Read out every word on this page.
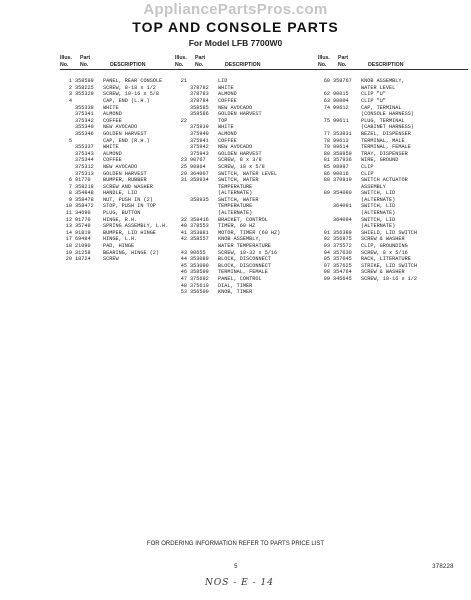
AppliancePartsPros.com
TOP AND CONSOLE PARTS
For Model LFB 7700W0
Illus.
No.
Part
No.	DESCRIPTION
1 358599	PANEL, REAR CONSOLE
2 358225	SCREW, 8-18 x 1/2
3 355329	SCREW, 10-16 x 5/8
4	CAP, END (L.H.)
355338	WHITE
375341	ALMOND
375342	COFFEE
355340	NEW AVOCADO
355346	GOLDEN HARVEST
5	CAP, END (R.H.)
355337	WHITE
375343	ALMOND
375344	COFFEE
375312	NEW AVOCADO
375313	GOLDEN HARVEST
6 91770	BUMPER, RUBBER
7 358218	SCREW AND WASHER
8 354848	HANDLE, LID
9 358478	NUT, PUSH IN (2)
10 358472	STOP, PUSH IN TOP
11 34690	PLUG, BUTTON
12 91770	HINGE, R.H.
13 35749	SPRING ASSEMBLY, L.H.
14 91819	BUMPER, LID HINGE
17 69484	HINGE, L.H.
18 21090	PAD, HINGE
19 31258	BEARING, HINGE (2)
20 18724	SCREW
Illus.
No.
Part
No.	DESCRIPTION
21	LID
378782	WHITE
378783	ALMOND
378784	COFFEE
358585	NEW AVOCADO
358586	GOLDEN HARVEST
22	TOP
375939	WHITE
375940	ALMOND
375941	COFFEE
375942	NEW AVOCADO
375943	GOLDEN HARVEST
23 90767	SCREW, 8 x 3/8
25 90864	SCREW, 10 x 5/8
29 364007	SWITCH, WATER LEVEL
31 358934	SWITCH, WATER
TEMPERATURE
(ALTERNATE)
358935	SWITCH, WATER
TEMPERATURE
(ALTERNATE)
32 358416	BRACKET, CONTROL
40 378553	TIMER, 60 HZ
41 353881	MOTOR, TIMER (60 HZ)
42 358557	KNOB ASSEMBLY,
WATER TEMPERATURE
43 90655	SCREW, 10-32 x 5/16
44 353089	BLOCK, DISCONNECT
45 353090	BLOCK, DISCONNECT
46 358599	TERMINAL, FEMALE
47 375692	PANEL, CONTROL
48 375610	DIAL, TIMER
53 356500	KNOB, TIMER
Illus.
No.
Part
No.	DESCRIPTION
60 358767	KNOB ASSEMBLY,
WATER LEVEL
62 90015	CLIP "U"
63 90004	CLIP "U"
74 99612	CAP, TERMINAL
(CONSOLE HARNESS)
75 99611	PLUG, TERMINAL
(CABINET HARNESS)
77 353831	BEZEL, DISPENSER
78 99613	TERMINAL, MALE
79 99614	TERMINAL, FEMALE
80 358859	TRAY, DISPENSER
81 357936	WIRE, GROUND
85 98997	CLIP
86 90016	CLIP
88 370919	SWITCH ACTUATOR
ASSEMBLY
89 354080	SWITCH, LID
(ALTERNATE)
364091	SWITCH, LID
(ALTERNATE)
364094	SWITCH, LID
(ALTERNATE)
91 356389	SHIELD, LID SWITCH
92 356975	SCREW & WASHER
93 375572	CLIP, GROUNDING
94 357630	SCREW, 8 x 5/16
95 357645	RACK, LITERATURE
97 357625	STRIKE, LID SWITCH
98 354764	SCREW & WASHER
99 345645	SCREW, 10-16 x 1/2
FOR ORDERING INFORMATION REFER TO PARTS PRICE LIST
5	378228
NOS - E - 14
